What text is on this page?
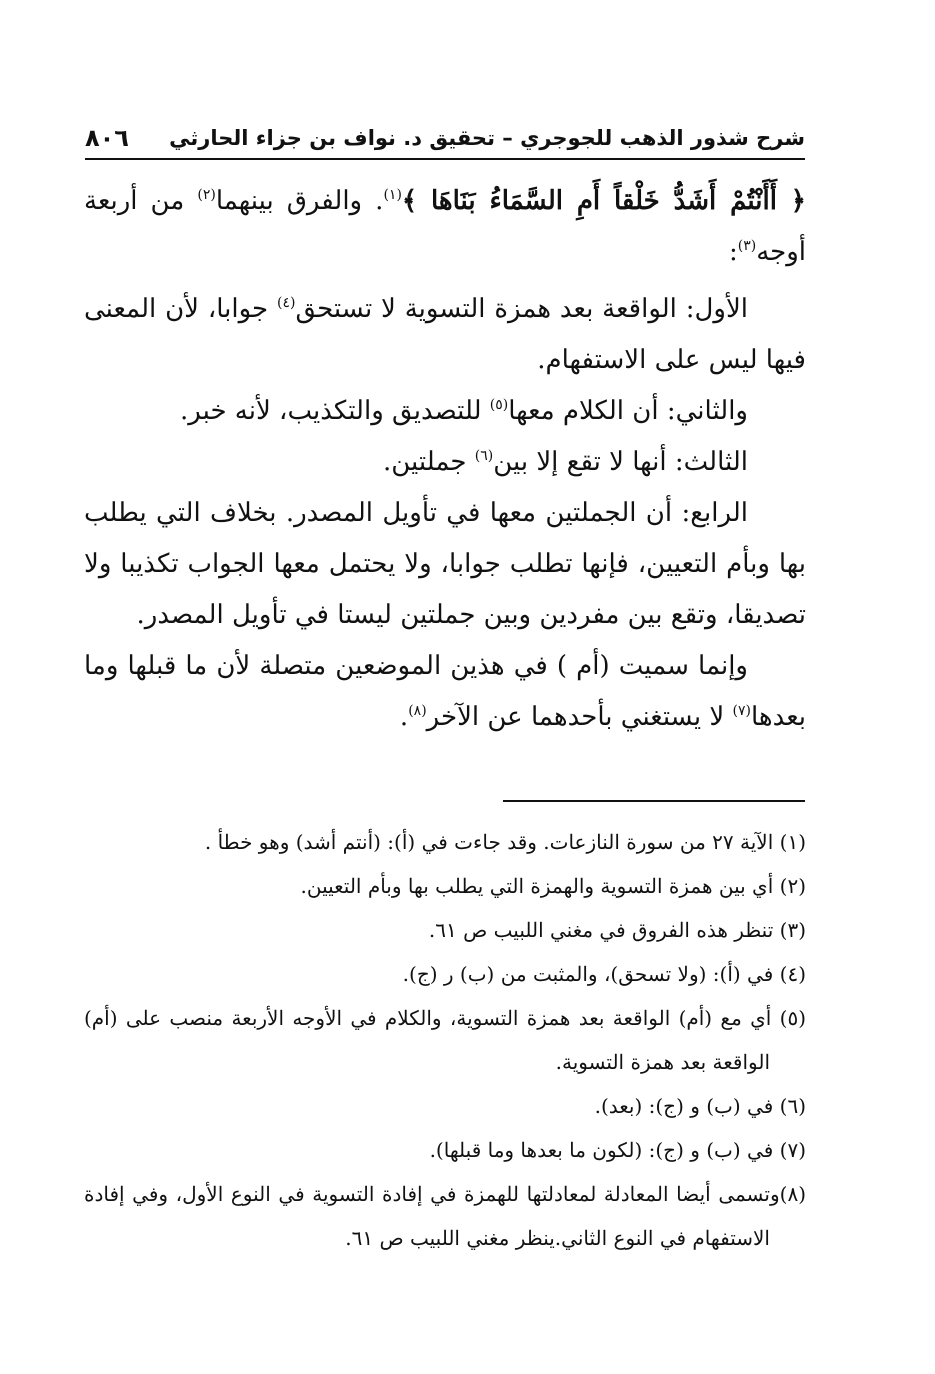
٨٠٦ شرح شذور الذهب للجوجري – تحقيق د. نواف بن جزاء الحارثي

﴿ أَأَنْتُمْ أَشَدُّ خَلْقاً أَمِ السَّمَاءُ بَنَاهَا ﴾$^{(١)}$. والفرق بينهما$^{(٢)}$ من أربعة أوجه$^{(٣)}$:

الأول: الواقعة بعد همزة التسوية لا تستحق$^{(٤)}$ جوابا، لأن المعنى فيها ليس على الاستفهام.

والثاني: أن الكلام معها$^{(٥)}$ للتصديق والتكذيب، لأنه خبر.

الثالث: أنها لا تقع إلا بين$^{(٦)}$ جملتين.

الرابع: أن الجملتين معها في تأويل المصدر. بخلاف التي يطلب بها وبأم التعيين، فإنها تطلب جوابا، ولا يحتمل معها الجواب تكذيبا ولا تصديقا، وتقع بين مفردين وبين جملتين ليستا في تأويل المصدر.

وإنما سميت (أم ) في هذين الموضعين متصلة لأن ما قبلها وما بعدها$^{(٧)}$ لا يستغني بأحدهما عن الآخر$^{(٨)}$.

(١) الآية ٢٧ من سورة النازعات. وقد جاءت في (أ): (أنتم أشد) وهو خطأ .

(٢) أي بين همزة التسوية والهمزة التي يطلب بها وبأم التعيين.

(٣) تنظر هذه الفروق في مغني اللبيب ص ٦١.

(٤) في (أ): (ولا تسحق)، والمثبت من (ب) ر (ج).

(٥) أي مع (أم) الواقعة بعد همزة التسوية، والكلام في الأوجه الأربعة منصب على (أم) الواقعة بعد همزة التسوية.

(٦) في (ب) و (ج): (بعد).

(٧) في (ب) و (ج): (لكون ما بعدها وما قبلها).

(٨)وتسمى أيضا المعادلة لمعادلتها للهمزة في إفادة التسوية في النوع الأول، وفي إفادة الاستفهام في النوع الثاني.ينظر مغني اللبيب ص ٦١.
